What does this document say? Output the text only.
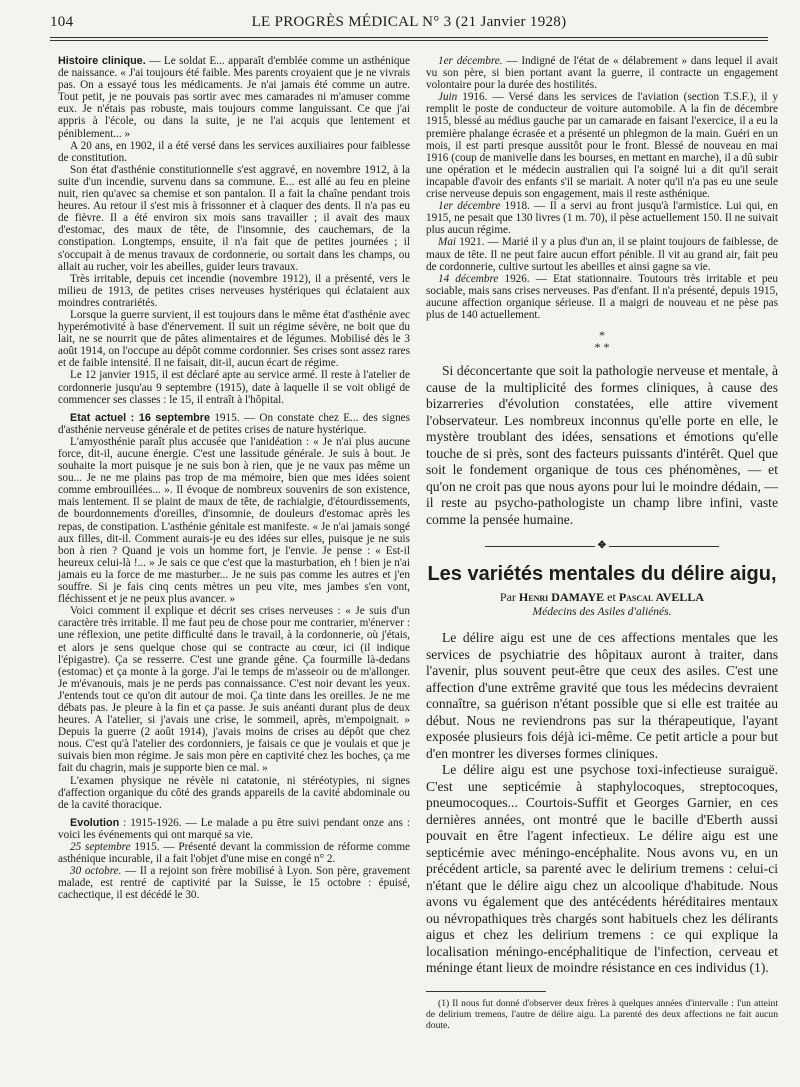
104	LE PROGRÈS MÉDICAL N° 3 (21 Janvier 1928)

Histoire clinique. — Le soldat E... apparaît d'emblée comme un asthénique de naissance. « J'ai toujours été faible. Mes parents croyaient que je ne vivrais pas. On a essayé tous les médicaments. Je n'ai jamais été comme un autre. Tout petit, je ne pouvais pas sortir avec mes camarades ni m'amuser comme eux. Je n'étais pas robuste, mais toujours comme languissant. Ce que j'ai appris à l'école, ou dans la suite, je ne l'ai acquis que lentement et péniblement... »

A 20 ans, en 1902, il a été versé dans les services auxiliaires pour faiblesse de constitution.

Son état d'asthénie constitutionnelle s'est aggravé, en novembre 1912, à la suite d'un incendie, survenu dans sa commune. E... est allé au feu en pleine nuit, rien qu'avec sa chemise et son pantalon. Il a fait la chaîne pendant trois heures. Au retour il s'est mis à frissonner et à claquer des dents. Il n'a pas eu de fièvre. Il a été environ six mois sans travailler ; il avait des maux d'estomac, des maux de tête, de l'insomnie, des cauchemars, de la constipation. Longtemps, ensuite, il n'a fait que de petites journées ; il s'occupait à de menus travaux de cordonnerie, ou sortait dans les champs, ou allait au rucher, voir les abeilles, guider leurs travaux.

Très irritable, depuis cet incendie (novembre 1912), il a présenté, vers le milieu de 1913, de petites crises nerveuses hystériques qui éclataient aux moindres contrariétés.

Lorsque la guerre survient, il est toujours dans le même état d'asthénie avec hyperémotivité à base d'énervement. Il suit un régime sévère, ne boit que du lait, ne se nourrit que de pâtes alimentaires et de légumes. Mobilisé dès le 3 août 1914, on l'occupe au dépôt comme cordonnier. Ses crises sont assez rares et de faible intensité. Il ne faisait, dit-il, aucun écart de régime.

Le 12 janvier 1915, il est déclaré apte au service armé. Il reste à l'atelier de cordonnerie jusqu'au 9 septembre (1915), date à laquelle il se voit obligé de commencer ses classes : le 15, il entraît à l'hôpital.

Etat actuel : 16 septembre 1915. — On constate chez E... des signes d'asthénie nerveuse générale et de petites crises de nature hystérique.

L'amyosthénie paraît plus accusée que l'anidéation : « Je n'ai plus aucune force, dit-il, aucune énergie. C'est une lassitude générale. Je suis à bout. Je souhaite la mort puisque je ne suis bon à rien, que je ne vaux pas même un sou... Je ne me plains pas trop de ma mémoire, bien que mes idées soient comme embrouillées... ». Il évoque de nombreux souvenirs de son existence, mais lentement. Il se plaint de maux de tête, de rachialgie, d'étourdissements, de bourdonnements d'oreilles, d'insomnie, de douleurs d'estomac après les repas, de constipation. L'asthénie génitale est manifeste. « Je n'ai jamais songé aux filles, dit-il. Comment aurais-je eu des idées sur elles, puisque je ne suis bon à rien ? Quand je vois un homme fort, je l'envie. Je pense : « Est-il heureux celui-là !... » Je sais ce que c'est que la masturbation, eh ! bien je n'ai jamais eu la force de me masturber... Je ne suis pas comme les autres et j'en souffre. Si je fais cinq cents mètres un peu vite, mes jambes s'en vont, fléchissent et je ne peux plus avancer. »

Voici comment il explique et décrit ses crises nerveuses : « Je suis d'un caractère très irritable. Il me faut peu de chose pour me contrarier, m'énerver : une réflexion, une petite difficulté dans le travail, à la cordonnerie, où j'étais, et alors je sens quelque chose qui se contracte au cœur, ici (il indique l'épigastre). Ça se resserre. C'est une grande gêne. Ça fourmille là-dedans (estomac) et ça monte à la gorge. J'ai le temps de m'asseoir ou de m'allonger. Je m'évanouis, mais je ne perds pas connaissance. C'est noir devant les yeux. J'entends tout ce qu'on dit autour de moi. Ça tinte dans les oreilles. Je ne me débats pas. Je pleure à la fin et ça passe. Je suis anéanti durant plus de deux heures. A l'atelier, si j'avais une crise, le sommeil, après, m'empoignait. » Depuis la guerre (2 août 1914), j'avais moins de crises au dépôt que chez nous. C'est qu'à l'atelier des cordonniers, je faisais ce que je voulais et que je suivais bien mon régime. Je sais mon père en captivité chez les boches, ça me fait du chagrin, mais je supporte bien ce mal. »

L'examen physique ne révèle ni catatonie, ni stéréotypies, ni signes d'affection organique du côté des grands appareils de la cavité abdominale ou de la cavité thoracique.

Evolution : 1915-1926. — Le malade a pu être suivi pendant onze ans : voici les événements qui ont marqué sa vie.

25 septembre 1915. — Présenté devant la commission de réforme comme asthénique incurable, il a fait l'objet d'une mise en congé n° 2.

30 octobre. — Il a rejoint son frère mobilisé à Lyon. Son père, gravement malade, est rentré de captivité par la Suisse, le 15 octobre : épuisé, cachectique, il est décédé le 30.

1er décembre. — Indigné de l'état de « délabrement » dans lequel il avait vu son père, si bien portant avant la guerre, il contracte un engagement volontaire pour la durée des hostilités.

Juin 1916. — Versé dans les services de l'aviation (section T.S.F.), il y remplit le poste de conducteur de voiture automobile. A la fin de décembre 1915, blessé au médius gauche par un camarade en faisant l'exercice, il a eu la première phalange écrasée et a présenté un phlegmon de la main. Guéri en un mois, il est parti presque aussitôt pour le front. Blessé de nouveau en mai 1916 (coup de manivelle dans les bourses, en mettant en marche), il a dû subir une opération et le médecin australien qui l'a soigné lui a dit qu'il serait incapable d'avoir des enfants s'il se mariait. A noter qu'il n'a pas eu une seule crise nerveuse depuis son engagement, mais il reste asthénique.

1er décembre 1918. — Il a servi au front jusqu'à l'armistice. Lui qui, en 1915, ne pesait que 130 livres (1 m. 70), il pèse actuellement 150. Il ne suivait plus aucun régime.

Mai 1921. — Marié il y a plus d'un an, il se plaint toujours de faiblesse, de maux de tête. Il ne peut faire aucun effort pénible. Il vit au grand air, fait peu de cordonnerie, cultive surtout les abeilles et ainsi gagne sa vie.

14 décembre 1926. — Etat stationnaire. Toutours très irritable et peu sociable, mais sans crises nerveuses. Pas d'enfant. Il n'a présenté, depuis 1915, aucune affection organique sérieuse. Il a maigri de nouveau et ne pèse pas plus de 140 actuellement.

*
* *

Si déconcertante que soit la pathologie nerveuse et mentale, à cause de la multiplicité des formes cliniques, à cause des bizarreries d'évolution constatées, elle attire vivement l'observateur. Les nombreux inconnus qu'elle porte en elle, le mystère troublant des idées, sensations et émotions qu'elle touche de si près, sont des facteurs puissants d'intérêt. Quel que soit le fondement organique de tous ces phénomènes, — et qu'on ne croit pas que nous ayons pour lui le moindre dédain, — il reste au psycho-pathologiste un champ libre infini, vaste comme la pensée humaine.

✥
Les variétés mentales du délire aigu,
Par Henri DAMAYE et Pascal AVELLA
Médecins des Asiles d'aliénés.

Le délire aigu est une de ces affections mentales que les services de psychiatrie des hôpitaux auront à traiter, dans l'avenir, plus souvent peut-être que ceux des asiles. C'est une affection d'une extrême gravité que tous les médecins devraient connaître, sa guérison n'étant possible que si elle est traitée au début. Nous ne reviendrons pas sur la thérapeutique, l'ayant exposée plusieurs fois déjà ici-même. Ce petit article a pour but d'en montrer les diverses formes cliniques.

Le délire aigu est une psychose toxi-infectieuse suraiguë. C'est une septicémie à staphylocoques, streptocoques, pneumocoques... Courtois-Suffit et Georges Garnier, en ces dernières années, ont montré que le bacille d'Eberth aussi pouvait en être l'agent infectieux. Le délire aigu est une septicémie avec méningo-encéphalite. Nous avons vu, en un précédent article, sa parenté avec le delirium tremens : celui-ci n'étant que le délire aigu chez un alcoolique d'habitude. Nous avons vu également que des antécédents héréditaires mentaux ou névropathiques très chargés sont habituels chez les délirants aigus et chez les delirium tremens : ce qui explique la localisation méningo-encéphalitique de l'infection, cerveau et méninge étant lieux de moindre résistance en ces individus (1).

(1) Il nous fut donné d'observer deux frères à quelques années d'intervalle : l'un atteint de delirium tremens, l'autre de délire aigu. La parenté des deux affections ne fait aucun doute.
